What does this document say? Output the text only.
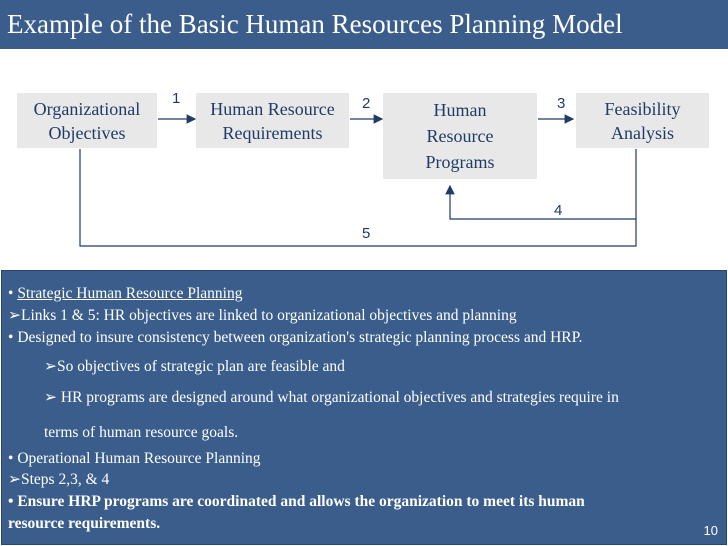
Example of the Basic Human Resources Planning Model
Organizational
Objectives
Human Resource
Requirements
Human
Resource
Programs
Feasibility
Analysis
1	2	3
4
5
• Strategic Human Resource Planning
➢Links 1 & 5: HR objectives are linked to organizational objectives and planning
• Designed to insure consistency between organization's strategic planning process and HRP.
➢So objectives of strategic plan are feasible and
➢ HR programs are designed around what organizational objectives and strategies require in
terms of human resource goals.
• Operational Human Resource Planning
➢Steps 2,3, & 4
• Ensure HRP programs are coordinated and allows the organization to meet its human
resource requirements.	10
